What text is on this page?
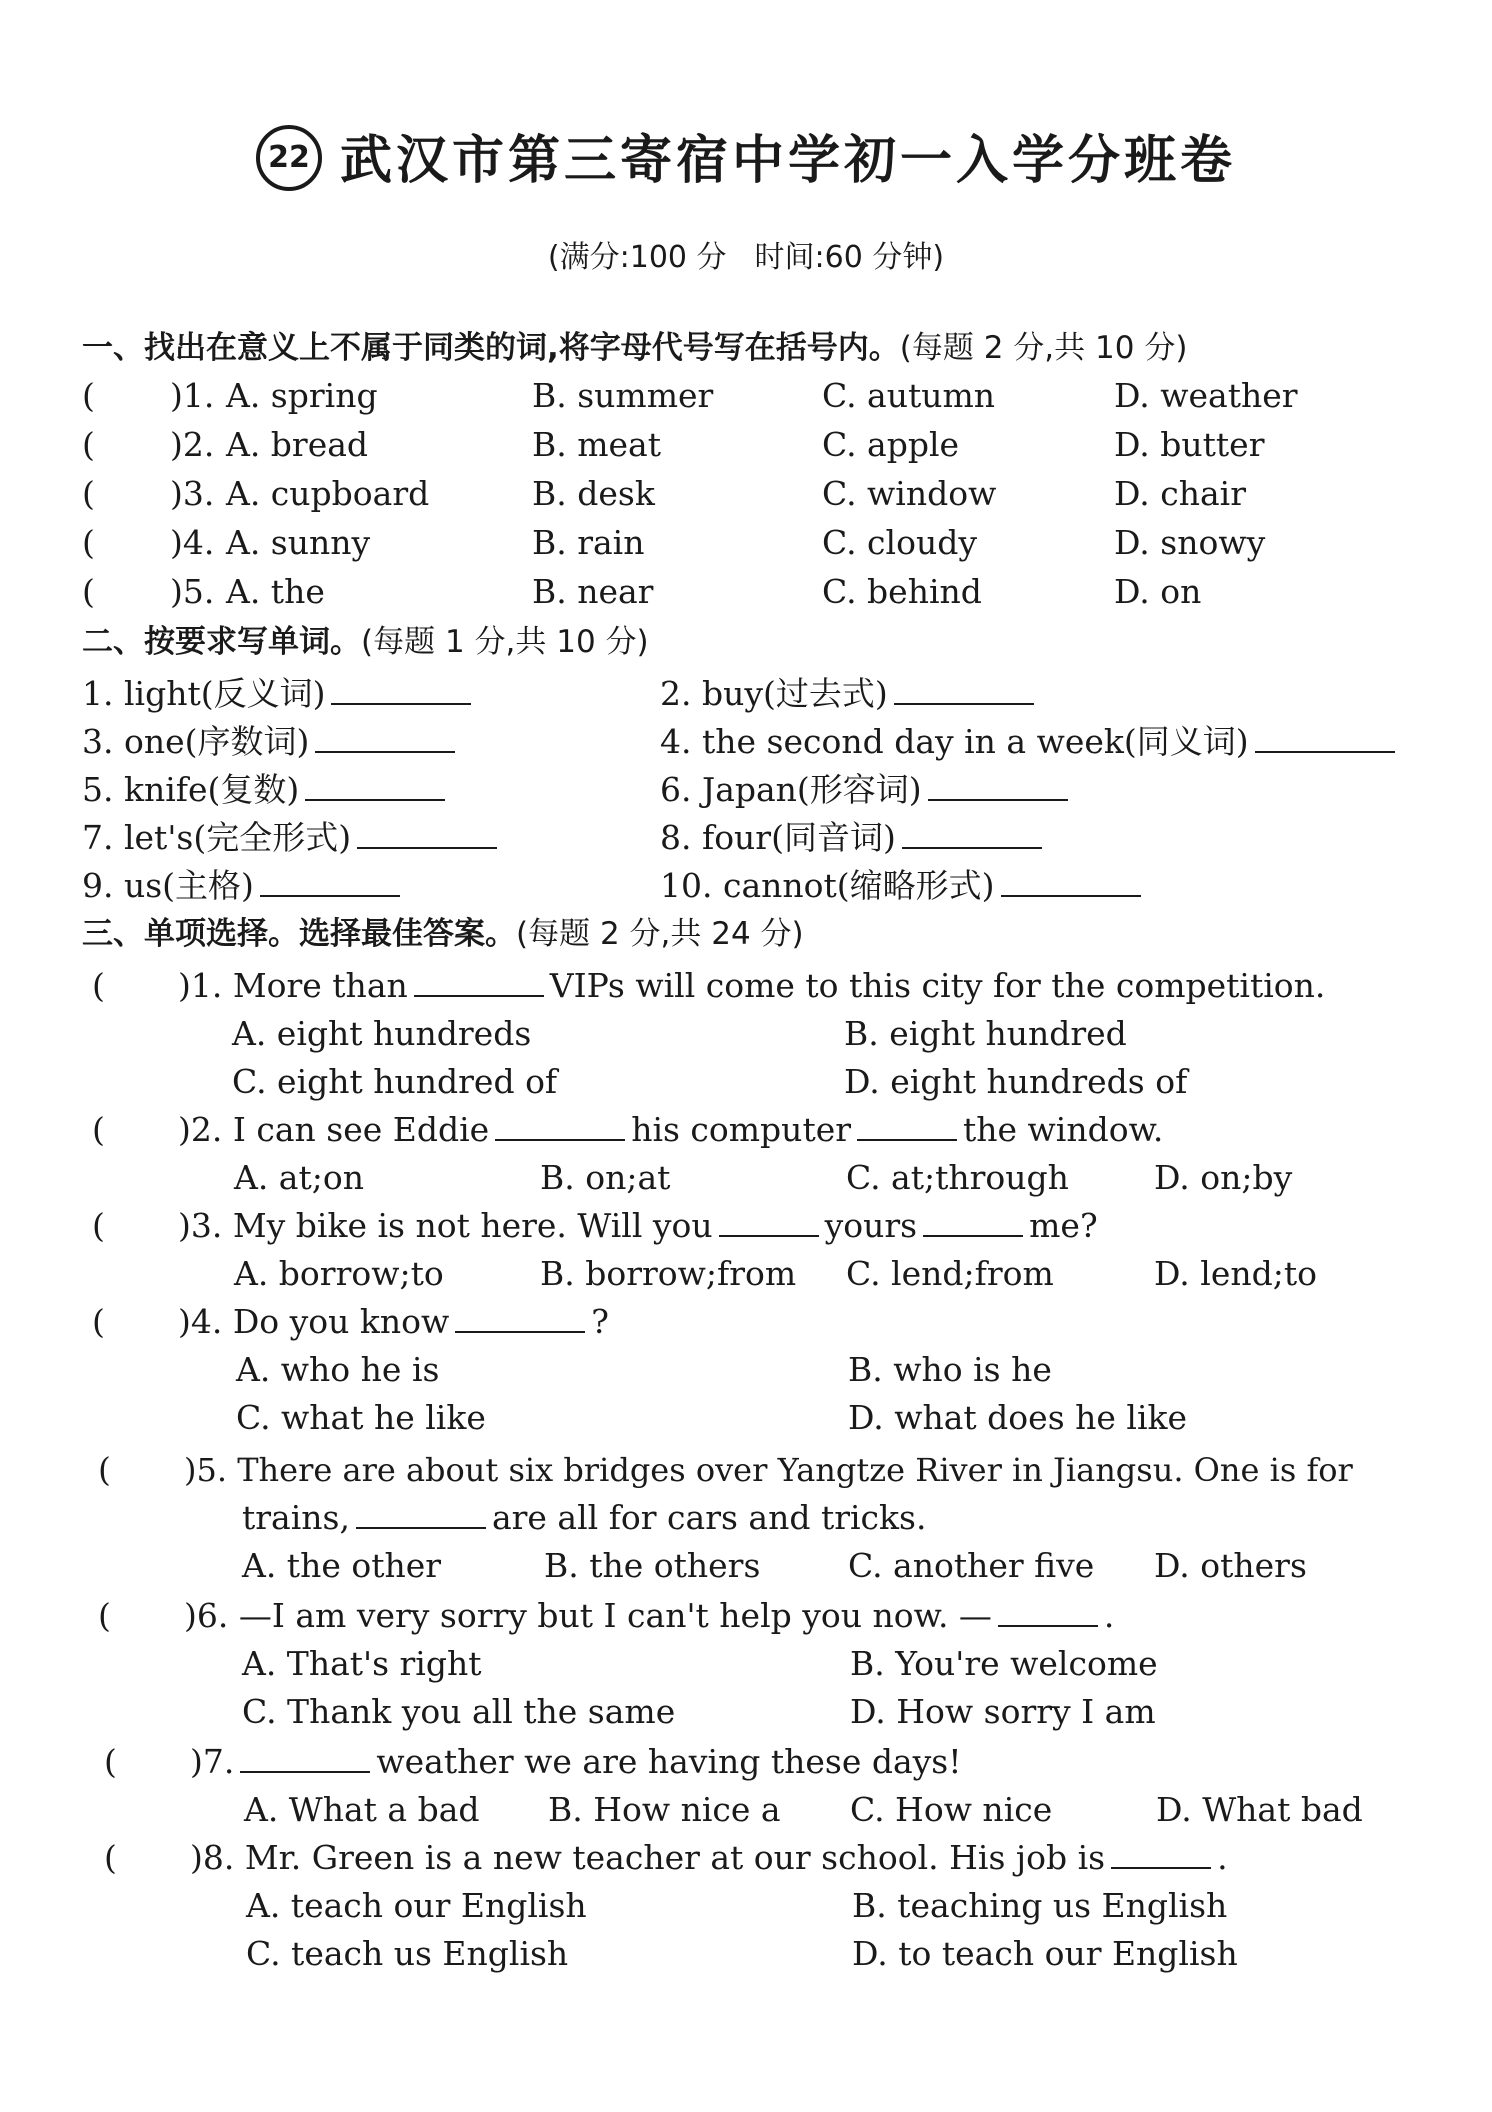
22 武汉市第三寄宿中学初一入学分班卷
(满分:100 分 时间:60 分钟)
一、找出在意义上不属于同类的词,将字母代号写在括号内。(每题 2 分,共 10 分)
( )1. A. spring	B. summer	C. autumn	D. weather
( )2. A. bread	B. meat	C. apple	D. butter
( )3. A. cupboard	B. desk	C. window	D. chair
( )4. A. sunny	B. rain	C. cloudy	D. snowy
( )5. A. the	B. near	C. behind	D. on
二、按要求写单词。(每题 1 分,共 10 分)
1. light(反义词)	2. buy(过去式)
3. one(序数词)	4. the second day in a week(同义词)
5. knife(复数)	6. Japan(形容词)
7. let's(完全形式)	8. four(同音词)
9. us(主格)	10. cannot(缩略形式)
三、单项选择。选择最佳答案。(每题 2 分,共 24 分)
( )1. More than	VIPs will come to this city for the competition.
A. eight hundreds	B. eight hundred
C. eight hundred of	D. eight hundreds of
( )2. I can see Eddie	his computer	the window.
A. at;on	B. on;at	C. at;through	D. on;by
( )3. My bike is not here. Will you	yours	me?
A. borrow;to	B. borrow;from C. lend;from	D. lend;to
( )4. Do you know	?
A. who he is	B. who is he
C. what he like	D. what does he like
( )5. There are about six bridges over Yangtze River in Jiangsu. One is for
trains,	are all for cars and tricks.
A. the other	B. the others	C. another five D. others
( )6. —I am very sorry but I can't help you now. —	.
A. That's right	B. You're welcome
C. Thank you all the same	D. How sorry I am
( )7.	weather we are having these days!
A. What a bad B. How nice a C. How nice	D. What bad
( )8. Mr. Green is a new teacher at our school. His job is	.
A. teach our English	B. teaching us English
C. teach us English	D. to teach our English
